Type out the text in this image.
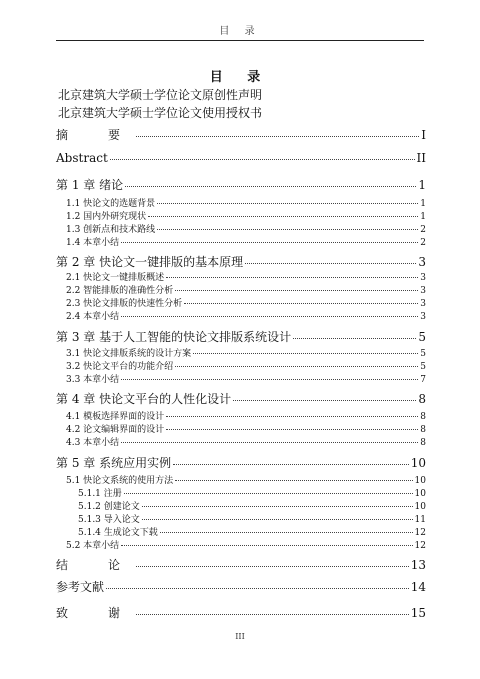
目 录
目 录
北京建筑大学硕士学位论文原创性声明
北京建筑大学硕士学位论文使用授权书
摘　要	I
Abstract	II
第 1 章 绪论	1
1.1 快论文的选题背景	1
1.2 国内外研究现状	1
1.3 创新点和技术路线	2
1.4 本章小结	2
第 2 章 快论文一键排版的基本原理	3
2.1 快论文一键排版概述	3
2.2 智能排版的准确性分析	3
2.3 快论文排版的快速性分析	3
2.4 本章小结	3
第 3 章 基于人工智能的快论文排版系统设计	5
3.1 快论文排版系统的设计方案	5
3.2 快论文平台的功能介绍	5
3.3 本章小结	7
第 4 章 快论文平台的人性化设计	8
4.1 模板选择界面的设计	8
4.2 论文编辑界面的设计	8
4.3 本章小结	8
第 5 章 系统应用实例	10
5.1 快论文系统的使用方法	10
5.1.1 注册	10
5.1.2 创建论文	10
5.1.3 导入论文	11
5.1.4 生成论文下载	12
5.2 本章小结	12
结　论	13
参考文献	14
致　谢	15
III
